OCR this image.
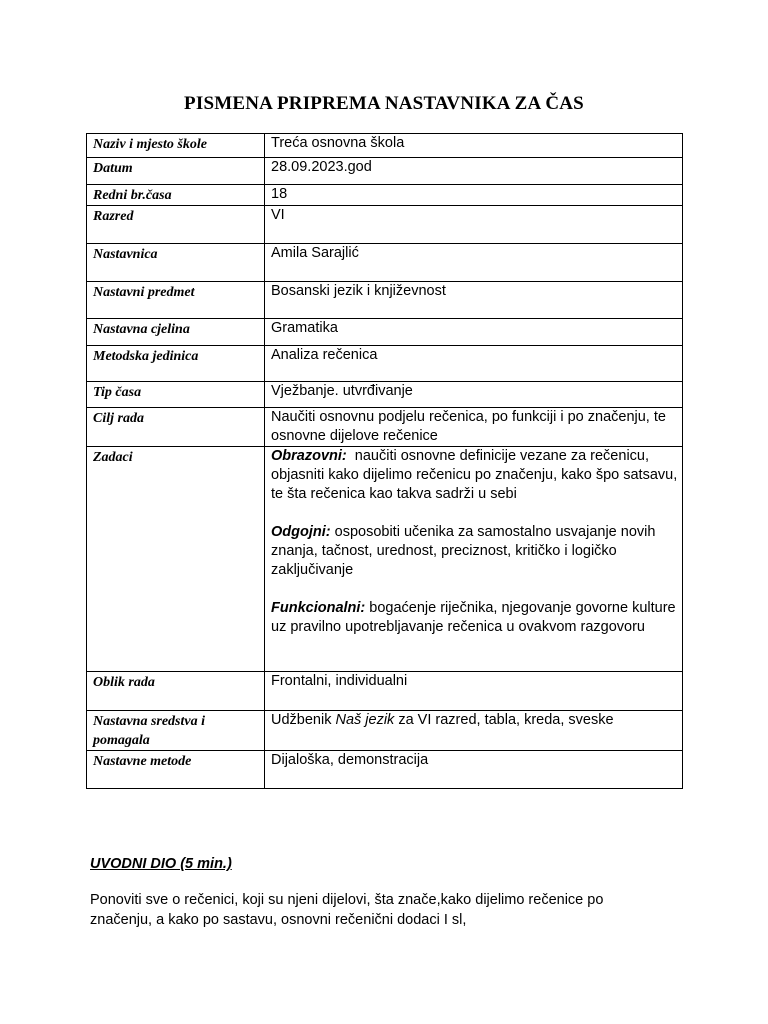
PISMENA PRIPREMA NASTAVNIKA ZA ČAS
Naziv i mjesto škole	Treća osnovna škola
Datum	28.09.2023.god
Redni br.časa	18
Razred	VI
Nastavnica	Amila Sarajlić
Nastavni predmet	Bosanski jezik i književnost
Nastavna cjelina	Gramatika
Metodska jedinica	Analiza rečenica
Tip časa	Vježbanje. utvrđivanje
Cilj rada	Naučiti osnovnu podjelu rečenica, po funkciji i po značenju, te osnovne dijelove rečenice
Zadaci	Obrazovni: naučiti osnovne definicije vezane za rečenicu, objasniti kako dijelimo rečenicu po značenju, kako špo satsavu, te šta rečenica kao takva sadrži u sebi
Odgojni: osposobiti učenika za samostalno usvajanje novih znanja, tačnost, urednost, preciznost, kritičko i logičko zaključivanje
Funkcionalni: bogaćenje riječnika, njegovanje govorne kulture uz pravilno upotrebljavanje rečenica u ovakvom razgovoru

Oblik rada	Frontalni, individualni
Nastavna sredstva i pomagala	Udžbenik Naš jezik za VI razred, tabla, kreda, sveske
Nastavne metode	Dijaloška, demonstracija
UVODNI DIO (5 min.)
Ponoviti sve o rečenici, koji su njeni dijelovi, šta znače,kako dijelimo rečenice po značenju, a kako po sastavu, osnovni rečenični dodaci I sl,
